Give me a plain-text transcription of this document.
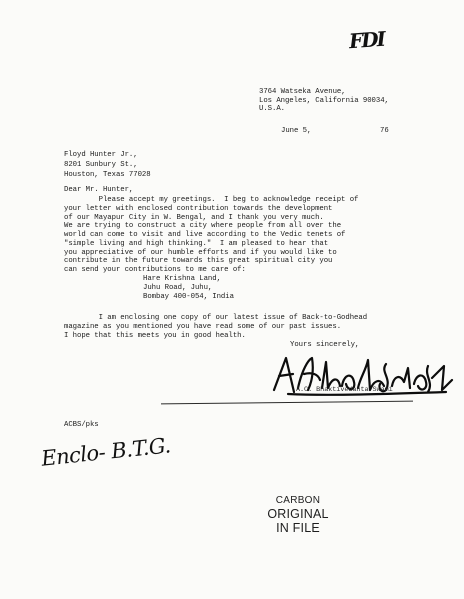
FDI
3764 Watseka Avenue,
Los Angeles, California 90034,
U.S.A.
June 5,	76
Floyd Hunter Jr.,
8201 Sunbury St.,
Houston, Texas 77028
Dear Mr. Hunter,
Please accept my greetings.  I beg to acknowledge receipt of
your letter with enclosed contribution towards the development
of our Mayapur City in W. Bengal, and I thank you very much.
We are trying to construct a city where people from all over the
world can come to visit and live according to the Vedic tenets of
"simple living and high thinking."  I am pleased to hear that
you appreciative of our humble efforts and if you would like to
contribute in the future towards this great spiritual city you
can send your contributions to me care of:
Hare Krishna Land,
Juhu Road, Juhu,
Bombay 400-054, India
I am enclosing one copy of our latest issue of Back-to-Godhead
magazine as you mentioned you have read some of our past issues.
I hope that this meets you in good health.
Yours sincerely,
A.C. Bhaktivedanta Swami
ACBS/pks
Enclo- B.T.G.
CARBON
ORIGINAL
IN FILE
